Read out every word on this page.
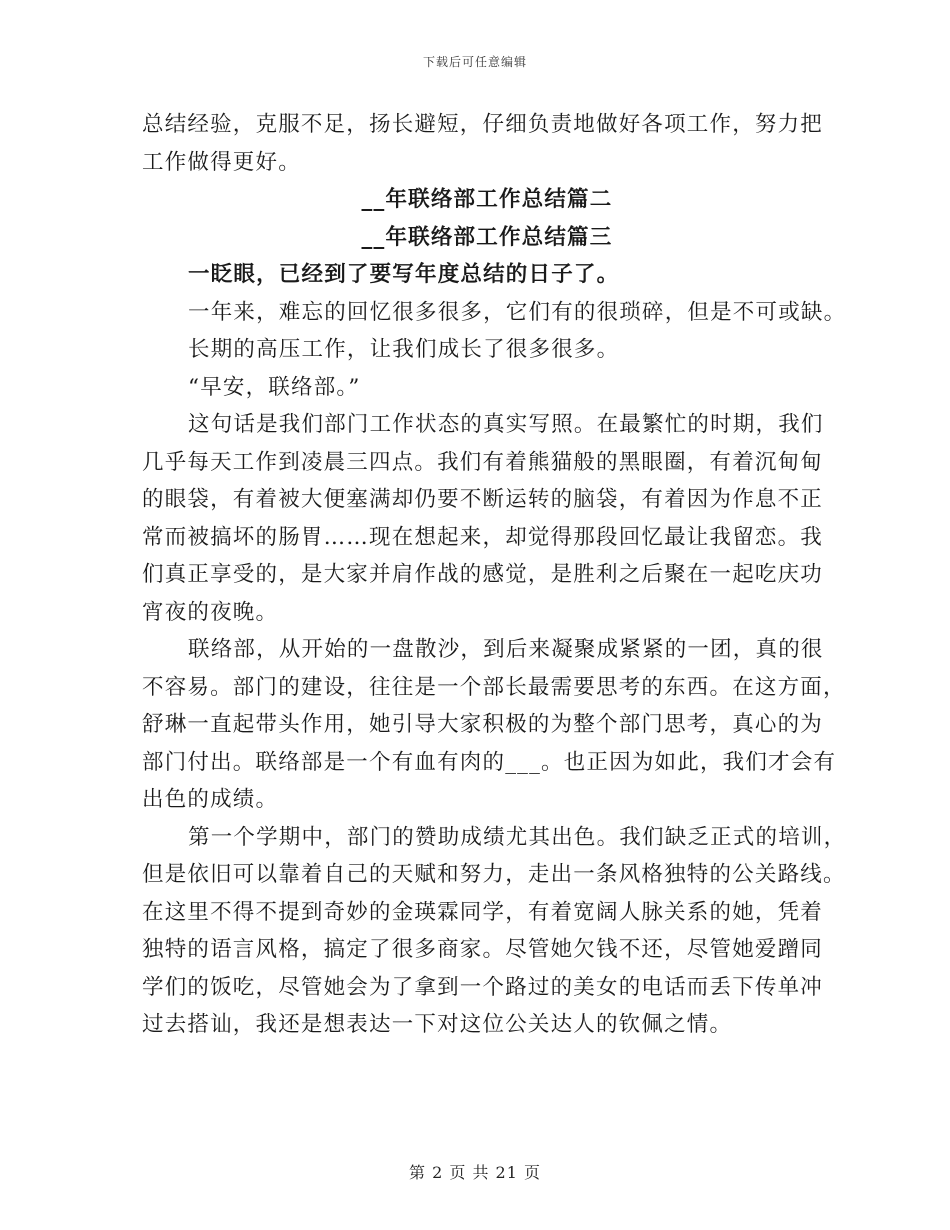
下载后可任意编辑
总结经验，克服不足，扬长避短，仔细负责地做好各项工作，努力把
工作做得更好。
__年联络部工作总结篇二
__年联络部工作总结篇三
一眨眼，已经到了要写年度总结的日子了。
一年来，难忘的回忆很多很多，它们有的很琐碎，但是不可或缺。
长期的高压工作，让我们成长了很多很多。
“早安，联络部。”
这句话是我们部门工作状态的真实写照。在最繁忙的时期，我们
几乎每天工作到凌晨三四点。我们有着熊猫般的黑眼圈，有着沉甸甸
的眼袋，有着被大便塞满却仍要不断运转的脑袋，有着因为作息不正
常而被搞坏的肠胃……现在想起来，却觉得那段回忆最让我留恋。我
们真正享受的，是大家并肩作战的感觉，是胜利之后聚在一起吃庆功
宵夜的夜晚。
联络部，从开始的一盘散沙，到后来凝聚成紧紧的一团，真的很
不容易。部门的建设，往往是一个部长最需要思考的东西。在这方面，
舒琳一直起带头作用，她引导大家积极的为整个部门思考，真心的为
部门付出。联络部是一个有血有肉的___。也正因为如此，我们才会有
出色的成绩。
第一个学期中，部门的赞助成绩尤其出色。我们缺乏正式的培训，
但是依旧可以靠着自己的天赋和努力，走出一条风格独特的公关路线。
在这里不得不提到奇妙的金瑛霖同学，有着宽阔人脉关系的她，凭着
独特的语言风格，搞定了很多商家。尽管她欠钱不还，尽管她爱蹭同
学们的饭吃，尽管她会为了拿到一个路过的美女的电话而丢下传单冲
过去搭讪，我还是想表达一下对这位公关达人的钦佩之情。
第 2 页 共 21 页
